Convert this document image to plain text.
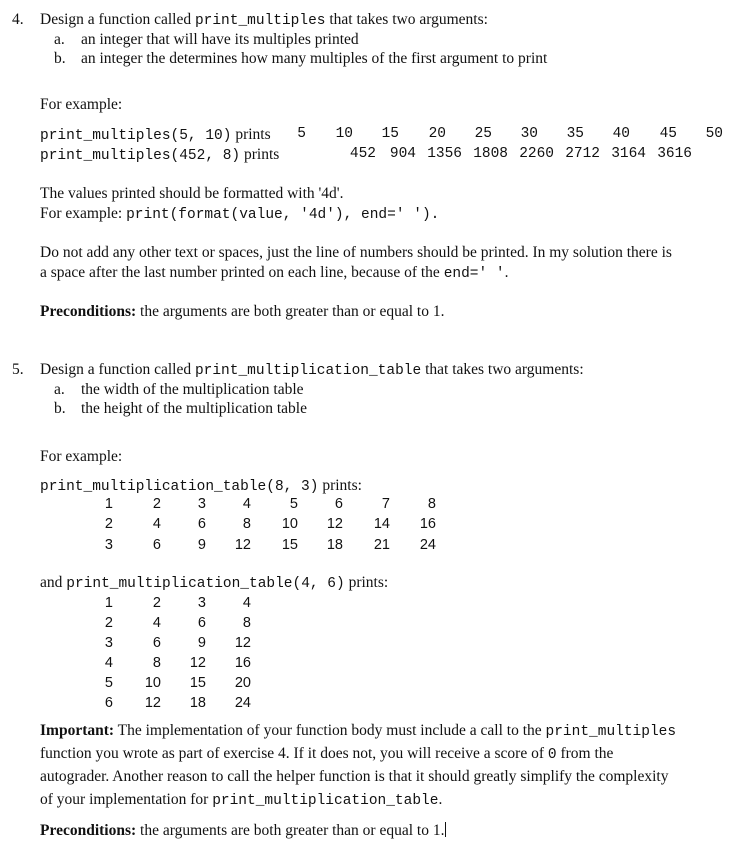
4. Design a function called print_multiples that takes two arguments:
a. an integer that will have its multiples printed
b. an integer the determines how many multiples of the first argument to print
For example:
print_multiples(5, 10) prints 5 10 15 20 25 30 35 40 45 50
print_multiples(452, 8) prints	452 904 1356 1808 2260 2712 3164 3616
The values printed should be formatted with '4d'.
For example: print(format(value, '4d'), end=' ').
Do not add any other text or spaces, just the line of numbers should be printed. In my solution there is
a space after the last number printed on each line, because of the end=' '.
Preconditions: the arguments are both greater than or equal to 1.
5. Design a function called print_multiplication_table that takes two arguments:
a. the width of the multiplication table
b. the height of the multiplication table
For example:
print_multiplication_table(8, 3) prints:
1	2	3	4	5	6	7	8
2	4	6	8	10	12	14	16
3	6	9	12	15	18	21	24
and print_multiplication_table(4, 6) prints:
1	2	3	4
2	4	6	8
3	6	9	12
4	8	12	16
5	10	15	20
6	12	18	24
Important: The implementation of your function body must include a call to the print_multiples
function you wrote as part of exercise 4. If it does not, you will receive a score of 0 from the
autograder. Another reason to call the helper function is that it should greatly simplify the complexity
of your implementation for print_multiplication_table.
Preconditions: the arguments are both greater than or equal to 1.
